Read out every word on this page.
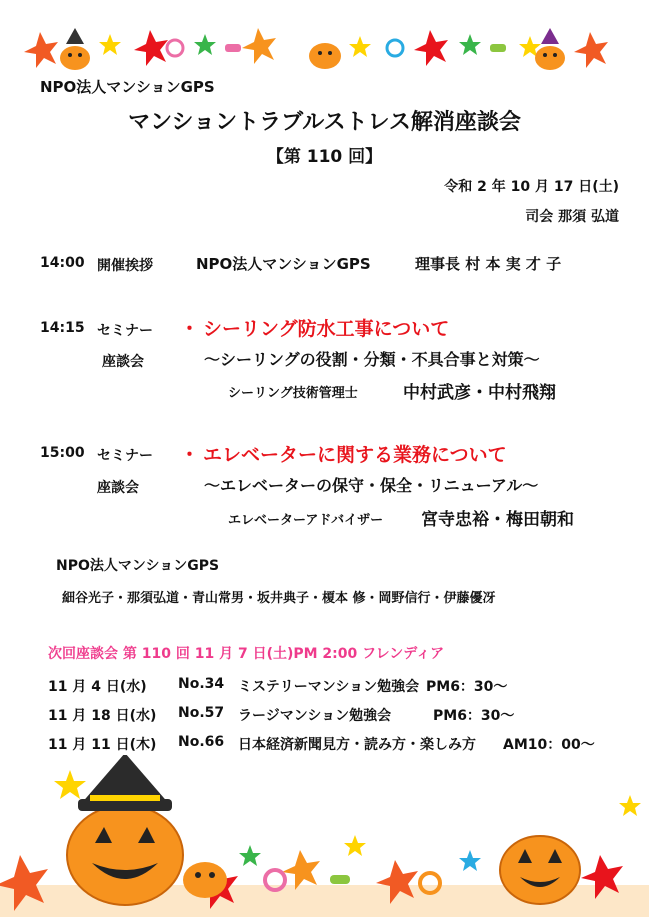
NPO法人マンションGPS
マンショントラブルストレス解消座談会
【第 110 回】
令和 2 年 10 月 17 日(土)
司会 那須 弘道
14:00 開催挨拶	NPO法人マンションGPS	理事長 村 本 実 才 子
14:15 セミナー
座談会
・ シーリング防水工事について
～シーリングの役割・分類・不具合事と対策～
シーリング技術管理士	中村武彦・中村飛翔
15:00 セミナー
座談会
・ エレベーターに関する業務について
～エレベーターの保守・保全・リニューアル～
エレベーターアドバイザー 宮寺忠裕・梅田朝和
NPO法人マンションGPS
細谷光子・那須弘道・青山常男・坂井典子・榎本 修・岡野信行・伊藤優冴
次回座談会 第 110 回 11 月 7 日(土)PM 2:00 フレンディア
11 月 4 日(水) No.34 ミステリーマンション勉強会 PM6：30～
11 月 18 日(水) No.57 ラージマンション勉強会	PM6：30～
11 月 11 日(木) No.66 日本経済新聞見方・読み方・楽しみ方 AM10：00～
